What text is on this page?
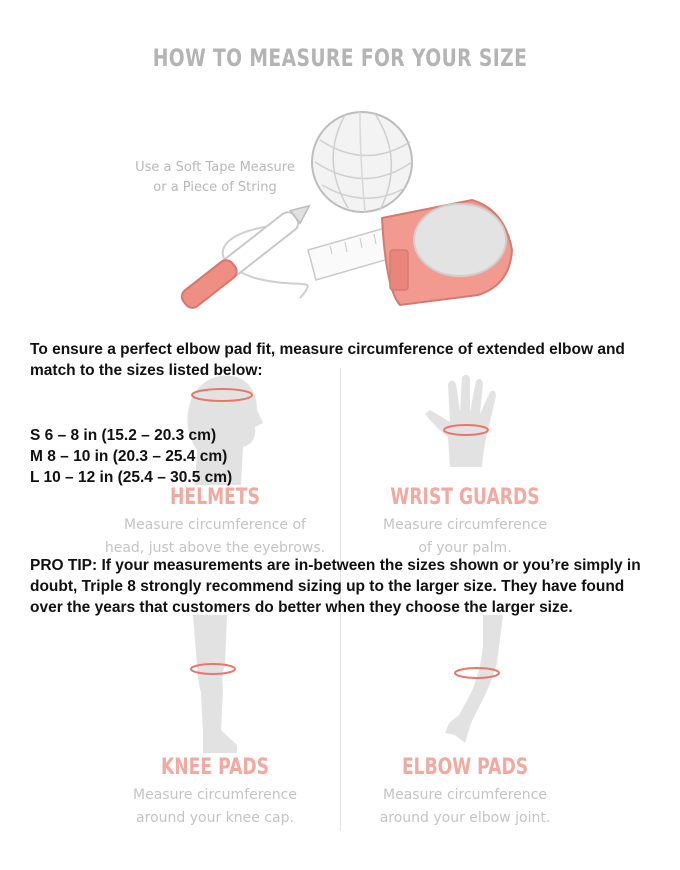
HOW TO MEASURE FOR YOUR SIZE
Use a Soft Tape Measure
or a Piece of String
HELMETS
Measure circumference of
head, just above the eyebrows.
WRIST GUARDS
Measure circumference
of your palm.
KNEE PADS
Measure circumference
around your knee cap.
ELBOW PADS
Measure circumference
around your elbow joint.
To ensure a perfect elbow pad fit, measure circumference of extended elbow and
match to the sizes listed below:
S 6 – 8 in (15.2 – 20.3 cm)
M 8 – 10 in (20.3 – 25.4 cm)
L 10 – 12 in (25.4 – 30.5 cm)
PRO TIP: If your measurements are in-between the sizes shown or you’re simply in
doubt, Triple 8 strongly recommend sizing up to the larger size. They have found
over the years that customers do better when they choose the larger size.
